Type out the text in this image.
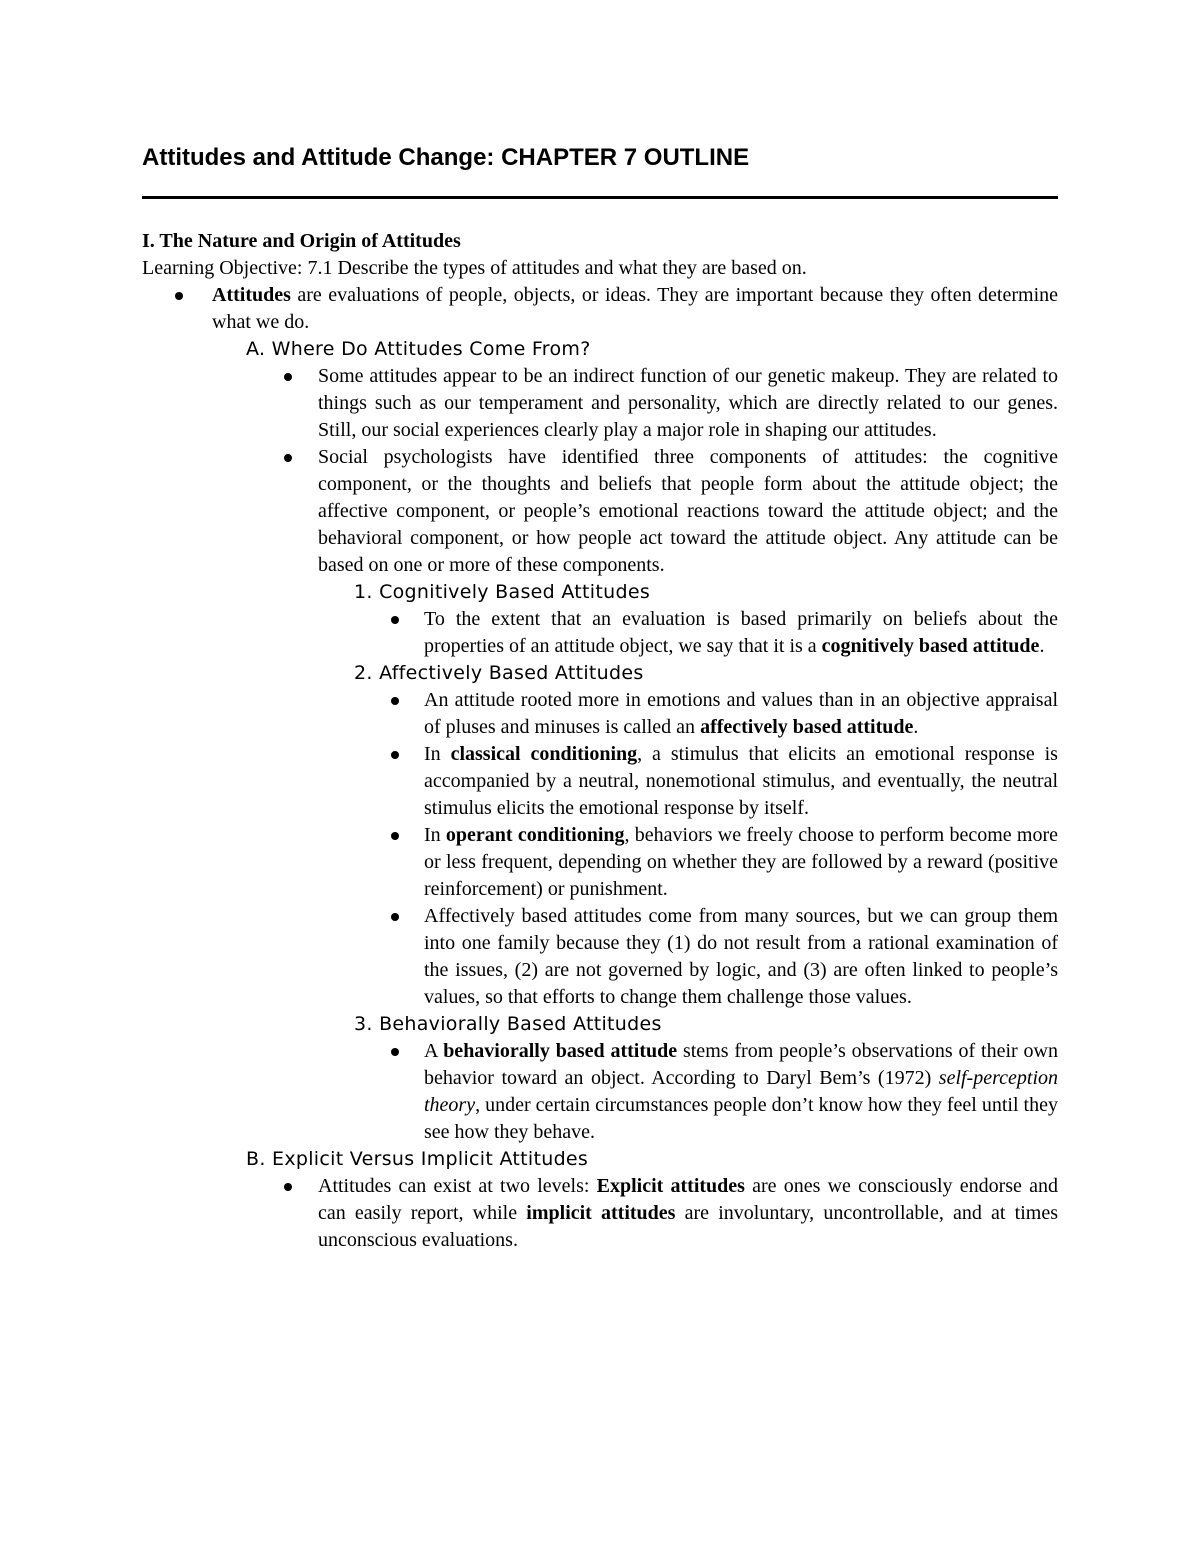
Attitudes and Attitude Change: CHAPTER 7 OUTLINE
I. The Nature and Origin of Attitudes
Learning Objective: 7.1 Describe the types of attitudes and what they are based on.
Attitudes are evaluations of people, objects, or ideas. They are important because they often determine what we do.
A. Where Do Attitudes Come From?
Some attitudes appear to be an indirect function of our genetic makeup. They are related to things such as our temperament and personality, which are directly related to our genes. Still, our social experiences clearly play a major role in shaping our attitudes.
Social psychologists have identified three components of attitudes: the cognitive component, or the thoughts and beliefs that people form about the attitude object; the affective component, or people’s emotional reactions toward the attitude object; and the behavioral component, or how people act toward the attitude object. Any attitude can be based on one or more of these components.
1. Cognitively Based Attitudes
To the extent that an evaluation is based primarily on beliefs about the properties of an attitude object, we say that it is a cognitively based attitude.
2. Affectively Based Attitudes
An attitude rooted more in emotions and values than in an objective appraisal of pluses and minuses is called an affectively based attitude.
In classical conditioning, a stimulus that elicits an emotional response is accompanied by a neutral, nonemotional stimulus, and eventually, the neutral stimulus elicits the emotional response by itself.
In operant conditioning, behaviors we freely choose to perform become more or less frequent, depending on whether they are followed by a reward (positive reinforcement) or punishment.
Affectively based attitudes come from many sources, but we can group them into one family because they (1) do not result from a rational examination of the issues, (2) are not governed by logic, and (3) are often linked to people’s values, so that efforts to change them challenge those values.
3. Behaviorally Based Attitudes
A behaviorally based attitude stems from people’s observations of their own behavior toward an object. According to Daryl Bem’s (1972) self-perception theory, under certain circumstances people don’t know how they feel until they see how they behave.
B. Explicit Versus Implicit Attitudes
Attitudes can exist at two levels: Explicit attitudes are ones we consciously endorse and can easily report, while implicit attitudes are involuntary, uncontrollable, and at times unconscious evaluations.
